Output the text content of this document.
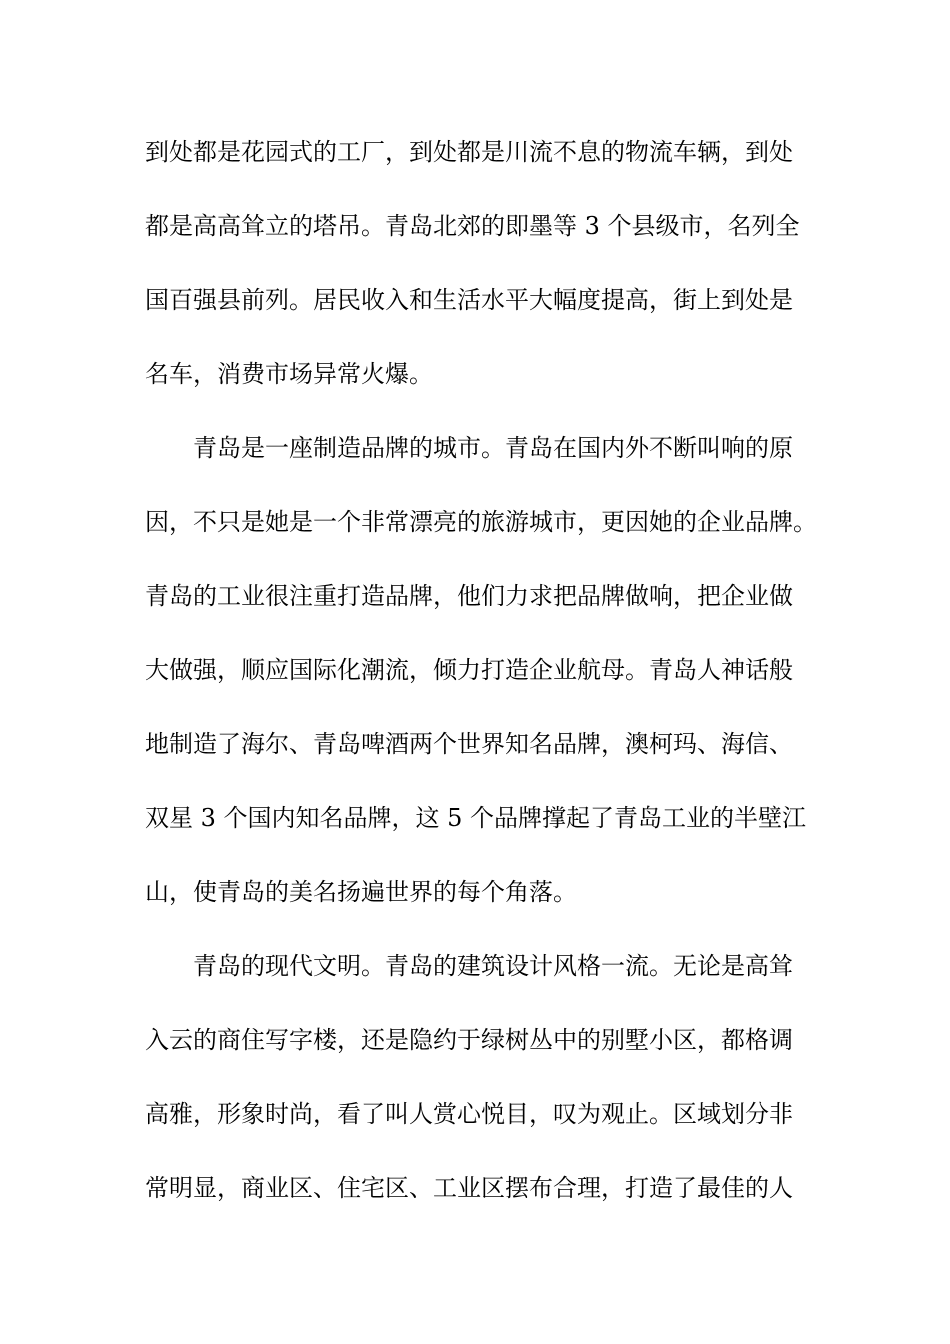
到处都是花园式的工厂，到处都是川流不息的物流车辆，到处
都是高高耸立的塔吊。青岛北郊的即墨等 3 个县级市，名列全
国百强县前列。居民收入和生活水平大幅度提高，街上到处是
名车，消费市场异常火爆。
青岛是一座制造品牌的城市。青岛在国内外不断叫响的原
因，不只是她是一个非常漂亮的旅游城市，更因她的企业品牌。
青岛的工业很注重打造品牌，他们力求把品牌做响，把企业做
大做强，顺应国际化潮流，倾力打造企业航母。青岛人神话般
地制造了海尔、青岛啤酒两个世界知名品牌，澳柯玛、海信、
双星 3 个国内知名品牌，这 5 个品牌撑起了青岛工业的半壁江
山，使青岛的美名扬遍世界的每个角落。
青岛的现代文明。青岛的建筑设计风格一流。无论是高耸
入云的商住写字楼，还是隐约于绿树丛中的别墅小区，都格调
高雅，形象时尚，看了叫人赏心悦目，叹为观止。区域划分非
常明显，商业区、住宅区、工业区摆布合理，打造了最佳的人
